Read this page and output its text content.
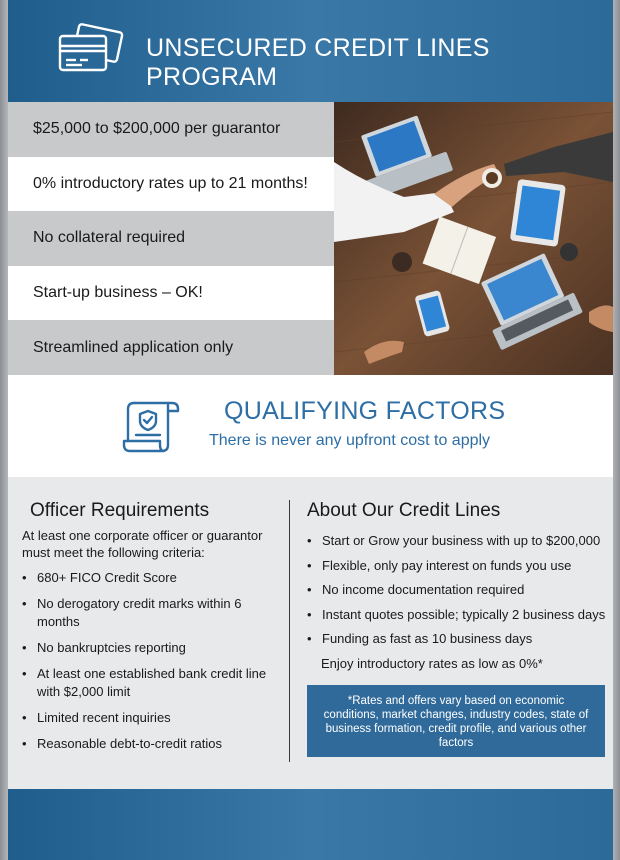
UNSECURED CREDIT LINES PROGRAM
$25,000 to $200,000 per guarantor
0% introductory rates up to 21 months!
No collateral required
Start-up business – OK!
Streamlined application only
QUALIFYING FACTORS
There is never any upfront cost to apply
Officer Requirements
At least one corporate officer or guarantor must meet the following criteria:
• 680+ FICO Credit Score
• No derogatory credit marks within 6 months
• No bankruptcies reporting
• At least one established bank credit line with $2,000 limit
• Limited recent inquiries
• Reasonable debt-to-credit ratios
About Our Credit Lines
• Start or Grow your business with up to $200,000
• Flexible, only pay interest on funds you use
• No income documentation required
• Instant quotes possible; typically 2 business days
• Funding as fast as 10 business days
Enjoy introductory rates as low as 0%*
*Rates and offers vary based on economic conditions, market changes, industry codes, state of business formation, credit profile, and various other factors
